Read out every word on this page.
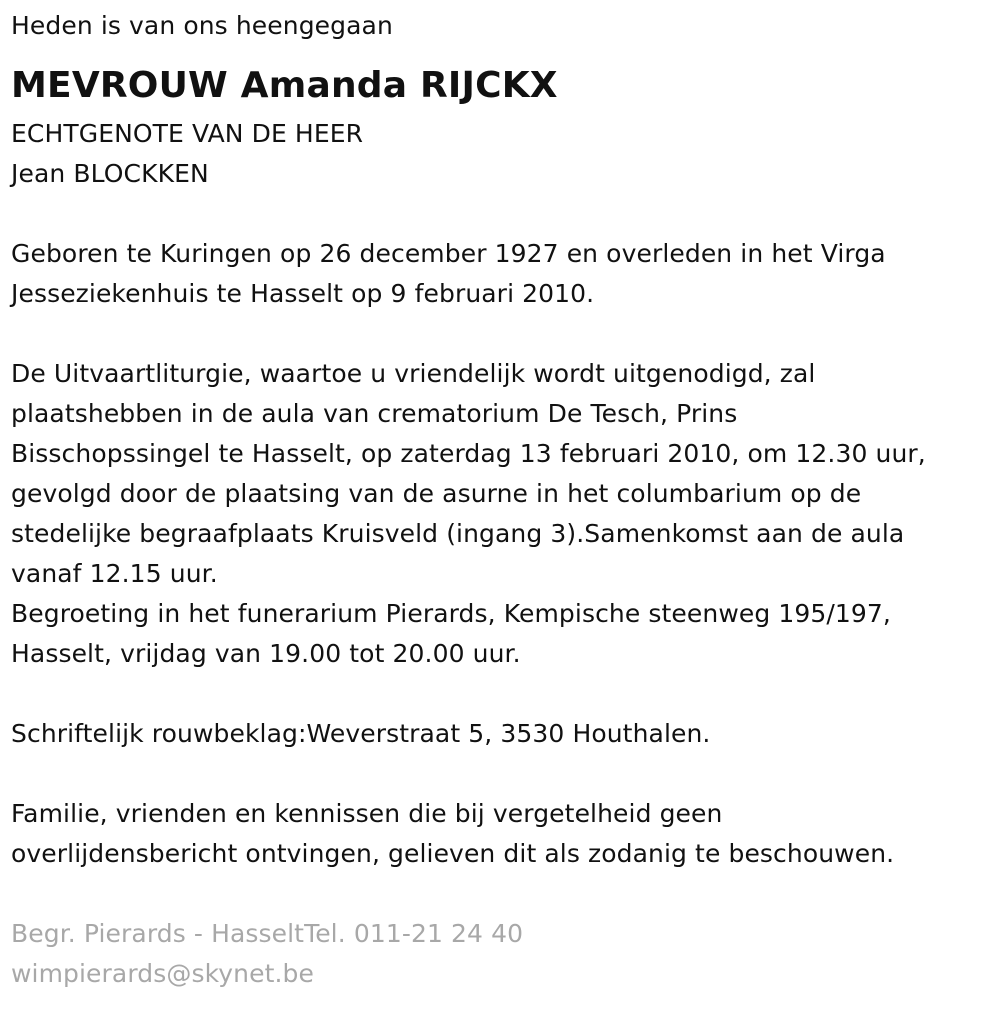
Heden is van ons heengegaan
MEVROUW Amanda RIJCKX
ECHTGENOTE VAN DE HEER
Jean BLOCKKEN
Geboren te Kuringen op 26 december 1927 en overleden in het Virga
Jesseziekenhuis te Hasselt op 9 februari 2010.
De Uitvaartliturgie, waartoe u vriendelijk wordt uitgenodigd, zal
plaatshebben in de aula van crematorium De Tesch, Prins
Bisschopssingel te Hasselt, op zaterdag 13 februari 2010, om 12.30 uur,
gevolgd door de plaatsing van de asurne in het columbarium op de
stedelijke begraafplaats Kruisveld (ingang 3).Samenkomst aan de aula
vanaf 12.15 uur.
Begroeting in het funerarium Pierards, Kempische steenweg 195/197,
Hasselt, vrijdag van 19.00 tot 20.00 uur.
Schriftelijk rouwbeklag:Weverstraat 5, 3530 Houthalen.
Familie, vrienden en kennissen die bij vergetelheid geen
overlijdensbericht ontvingen, gelieven dit als zodanig te beschouwen.
Begr. Pierards - HasseltTel. 011-21 24 40
wimpierards@skynet.be
